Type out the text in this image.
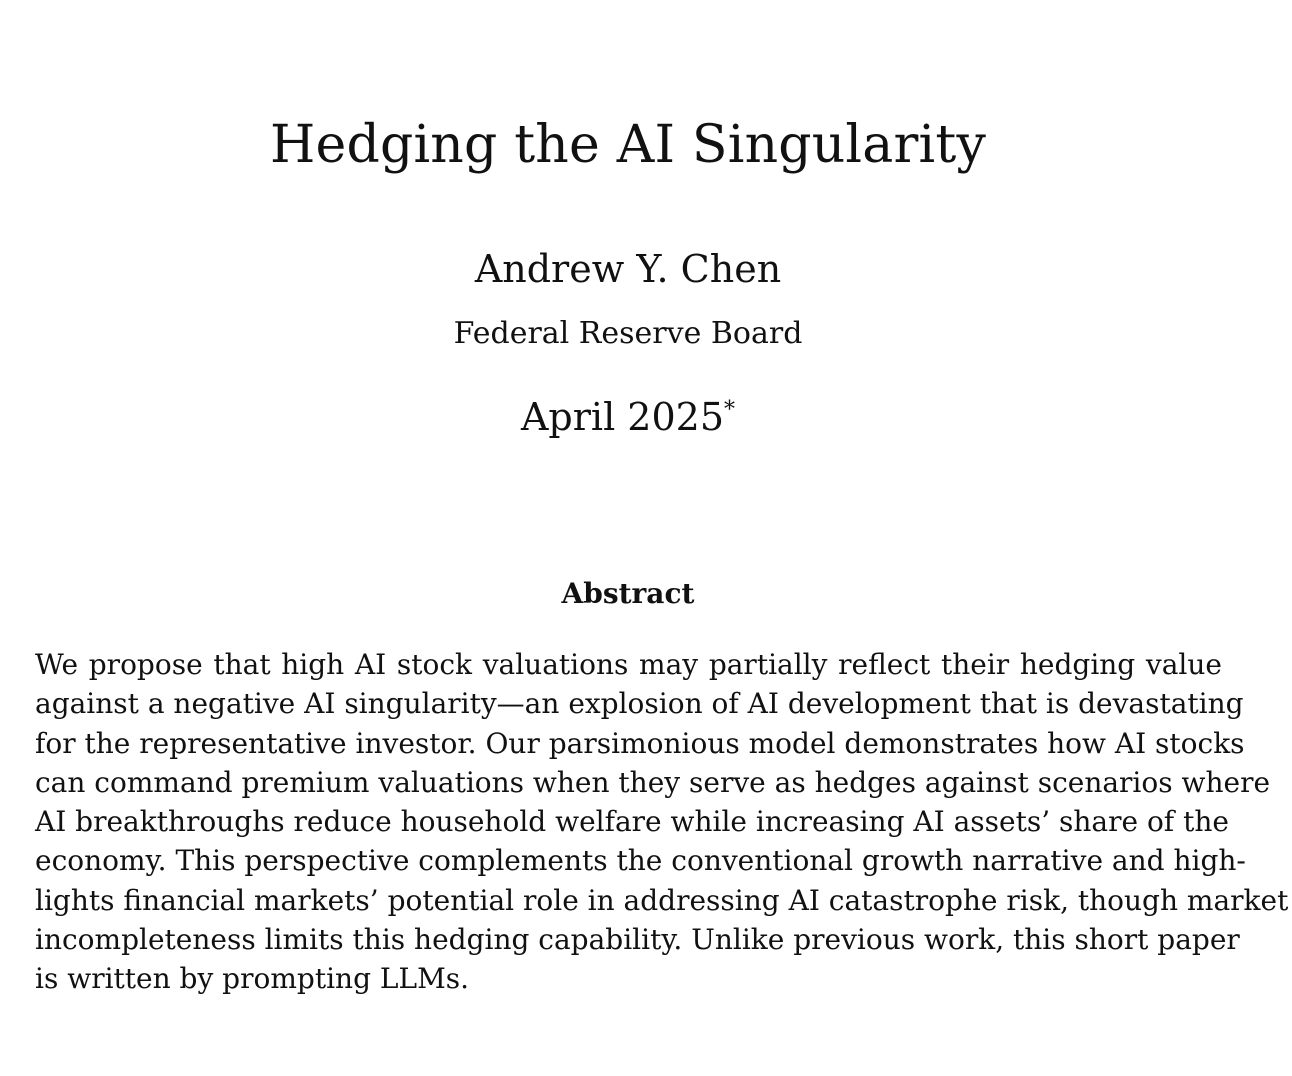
Hedging the AI Singularity
Andrew Y. Chen
Federal Reserve Board
April 2025*
Abstract
We propose that high AI stock valuations may partially reflect their hedging value
against a negative AI singularity—an explosion of AI development that is devastating
for the representative investor. Our parsimonious model demonstrates how AI stocks
can command premium valuations when they serve as hedges against scenarios where
AI breakthroughs reduce household welfare while increasing AI assets’ share of the
economy. This perspective complements the conventional growth narrative and high-
lights financial markets’ potential role in addressing AI catastrophe risk, though market
incompleteness limits this hedging capability. Unlike previous work, this short paper
is written by prompting LLMs.
